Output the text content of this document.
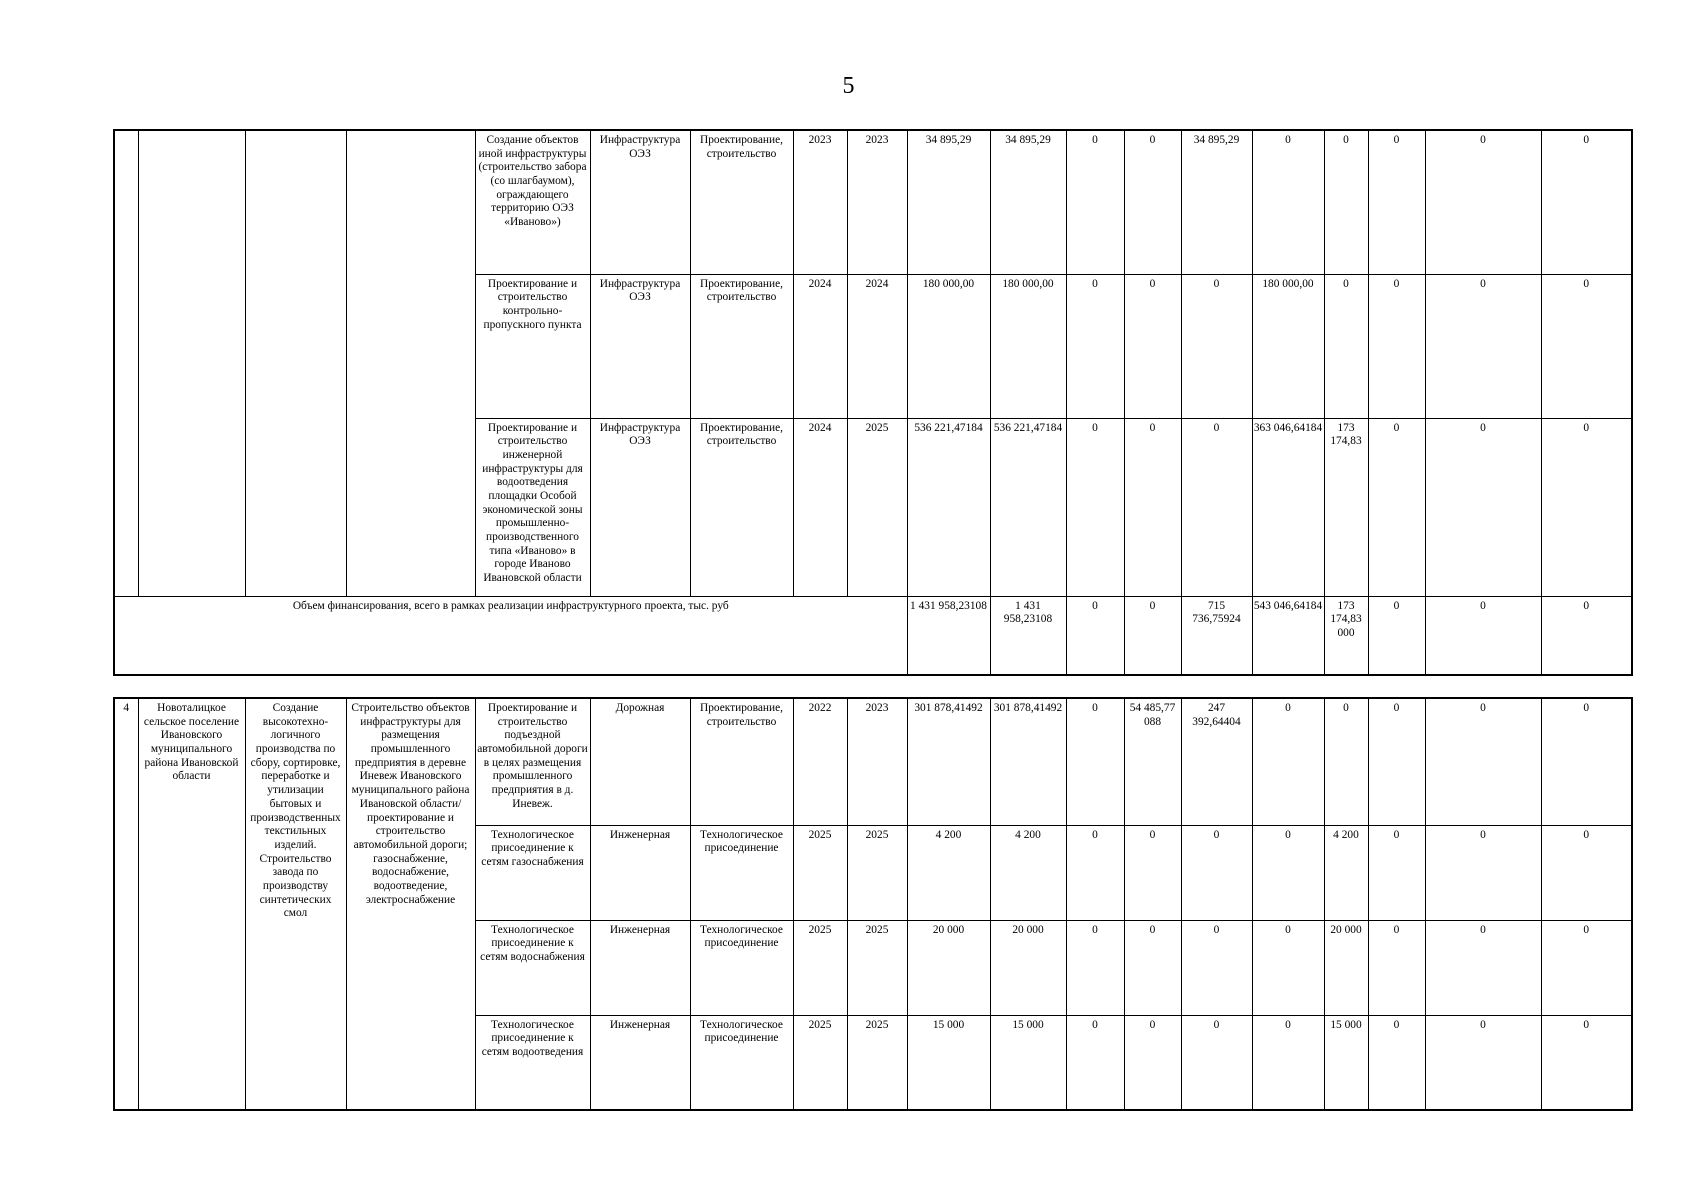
5
				Создание объектов иной инфраструктуры (строительство забора (со шлагбаумом), ограждающего территорию ОЭЗ «Иваново»)	Инфраструктура ОЭЗ	Проектирование, строительство	2023	2023	34 895,29	34 895,29	0	0	34 895,29	0	0	0	0	0
				Проектирование и строительство контрольно-пропускного пункта	Инфраструктура ОЭЗ	Проектирование, строительство	2024	2024	180 000,00	180 000,00	0	0	0	180 000,00	0	0	0	0
				Проектирование и строительство инженерной инфраструктуры для водоотведения площадки Особой экономической зоны промышленно-производственного типа «Иваново» в городе Иваново Ивановской области	Инфраструктура ОЭЗ	Проектирование, строительство	2024	2025	536 221,47184	536 221,47184	0	0	0	363 046,64184	173 174,83	0	0	0
Объем финансирования, всего в рамках реализации инфраструктурного проекта, тыс. руб									1 431 958,23108	1 431 958,23108	0	0	715 736,75924	543 046,64184	173 174,83 000	0	0	0
4	Новоталицкое сельское поселение Ивановского муниципального района Ивановской области	Создание высокотехно-логичного производства по сбору, сортировке, переработке и утилизации бытовых и производственных текстильных изделий. Строительство завода по производству синтетических смол	Строительство объектов инфраструктуры для размещения промышленного предприятия в деревне Иневеж Ивановского муниципального района Ивановской области/проектирование и строительство автомобильной дороги; газоснабжение, водоснабжение, водоотведение, электроснабжение	Проектирование и строительство подъездной автомобильной дороги в целях размещения промышленного предприятия в д. Иневеж.	Дорожная	Проектирование, строительство	2022	2023	301 878,41492	301 878,41492	0	54 485,77 088	247 392,64404	0	0	0	0	0
				Технологическое присоединение к сетям газоснабжения	Инженерная	Технологическое присоединение	2025	2025	4 200	4 200	0	0	0	0	4 200	0	0	0
				Технологическое присоединение к сетям водоснабжения	Инженерная	Технологическое присоединение	2025	2025	20 000	20 000	0	0	0	0	20 000	0	0	0
				Технологическое присоединение к сетям водоотведения	Инженерная	Технологическое присоединение	2025	2025	15 000	15 000	0	0	0	0	15 000	0	0	0
